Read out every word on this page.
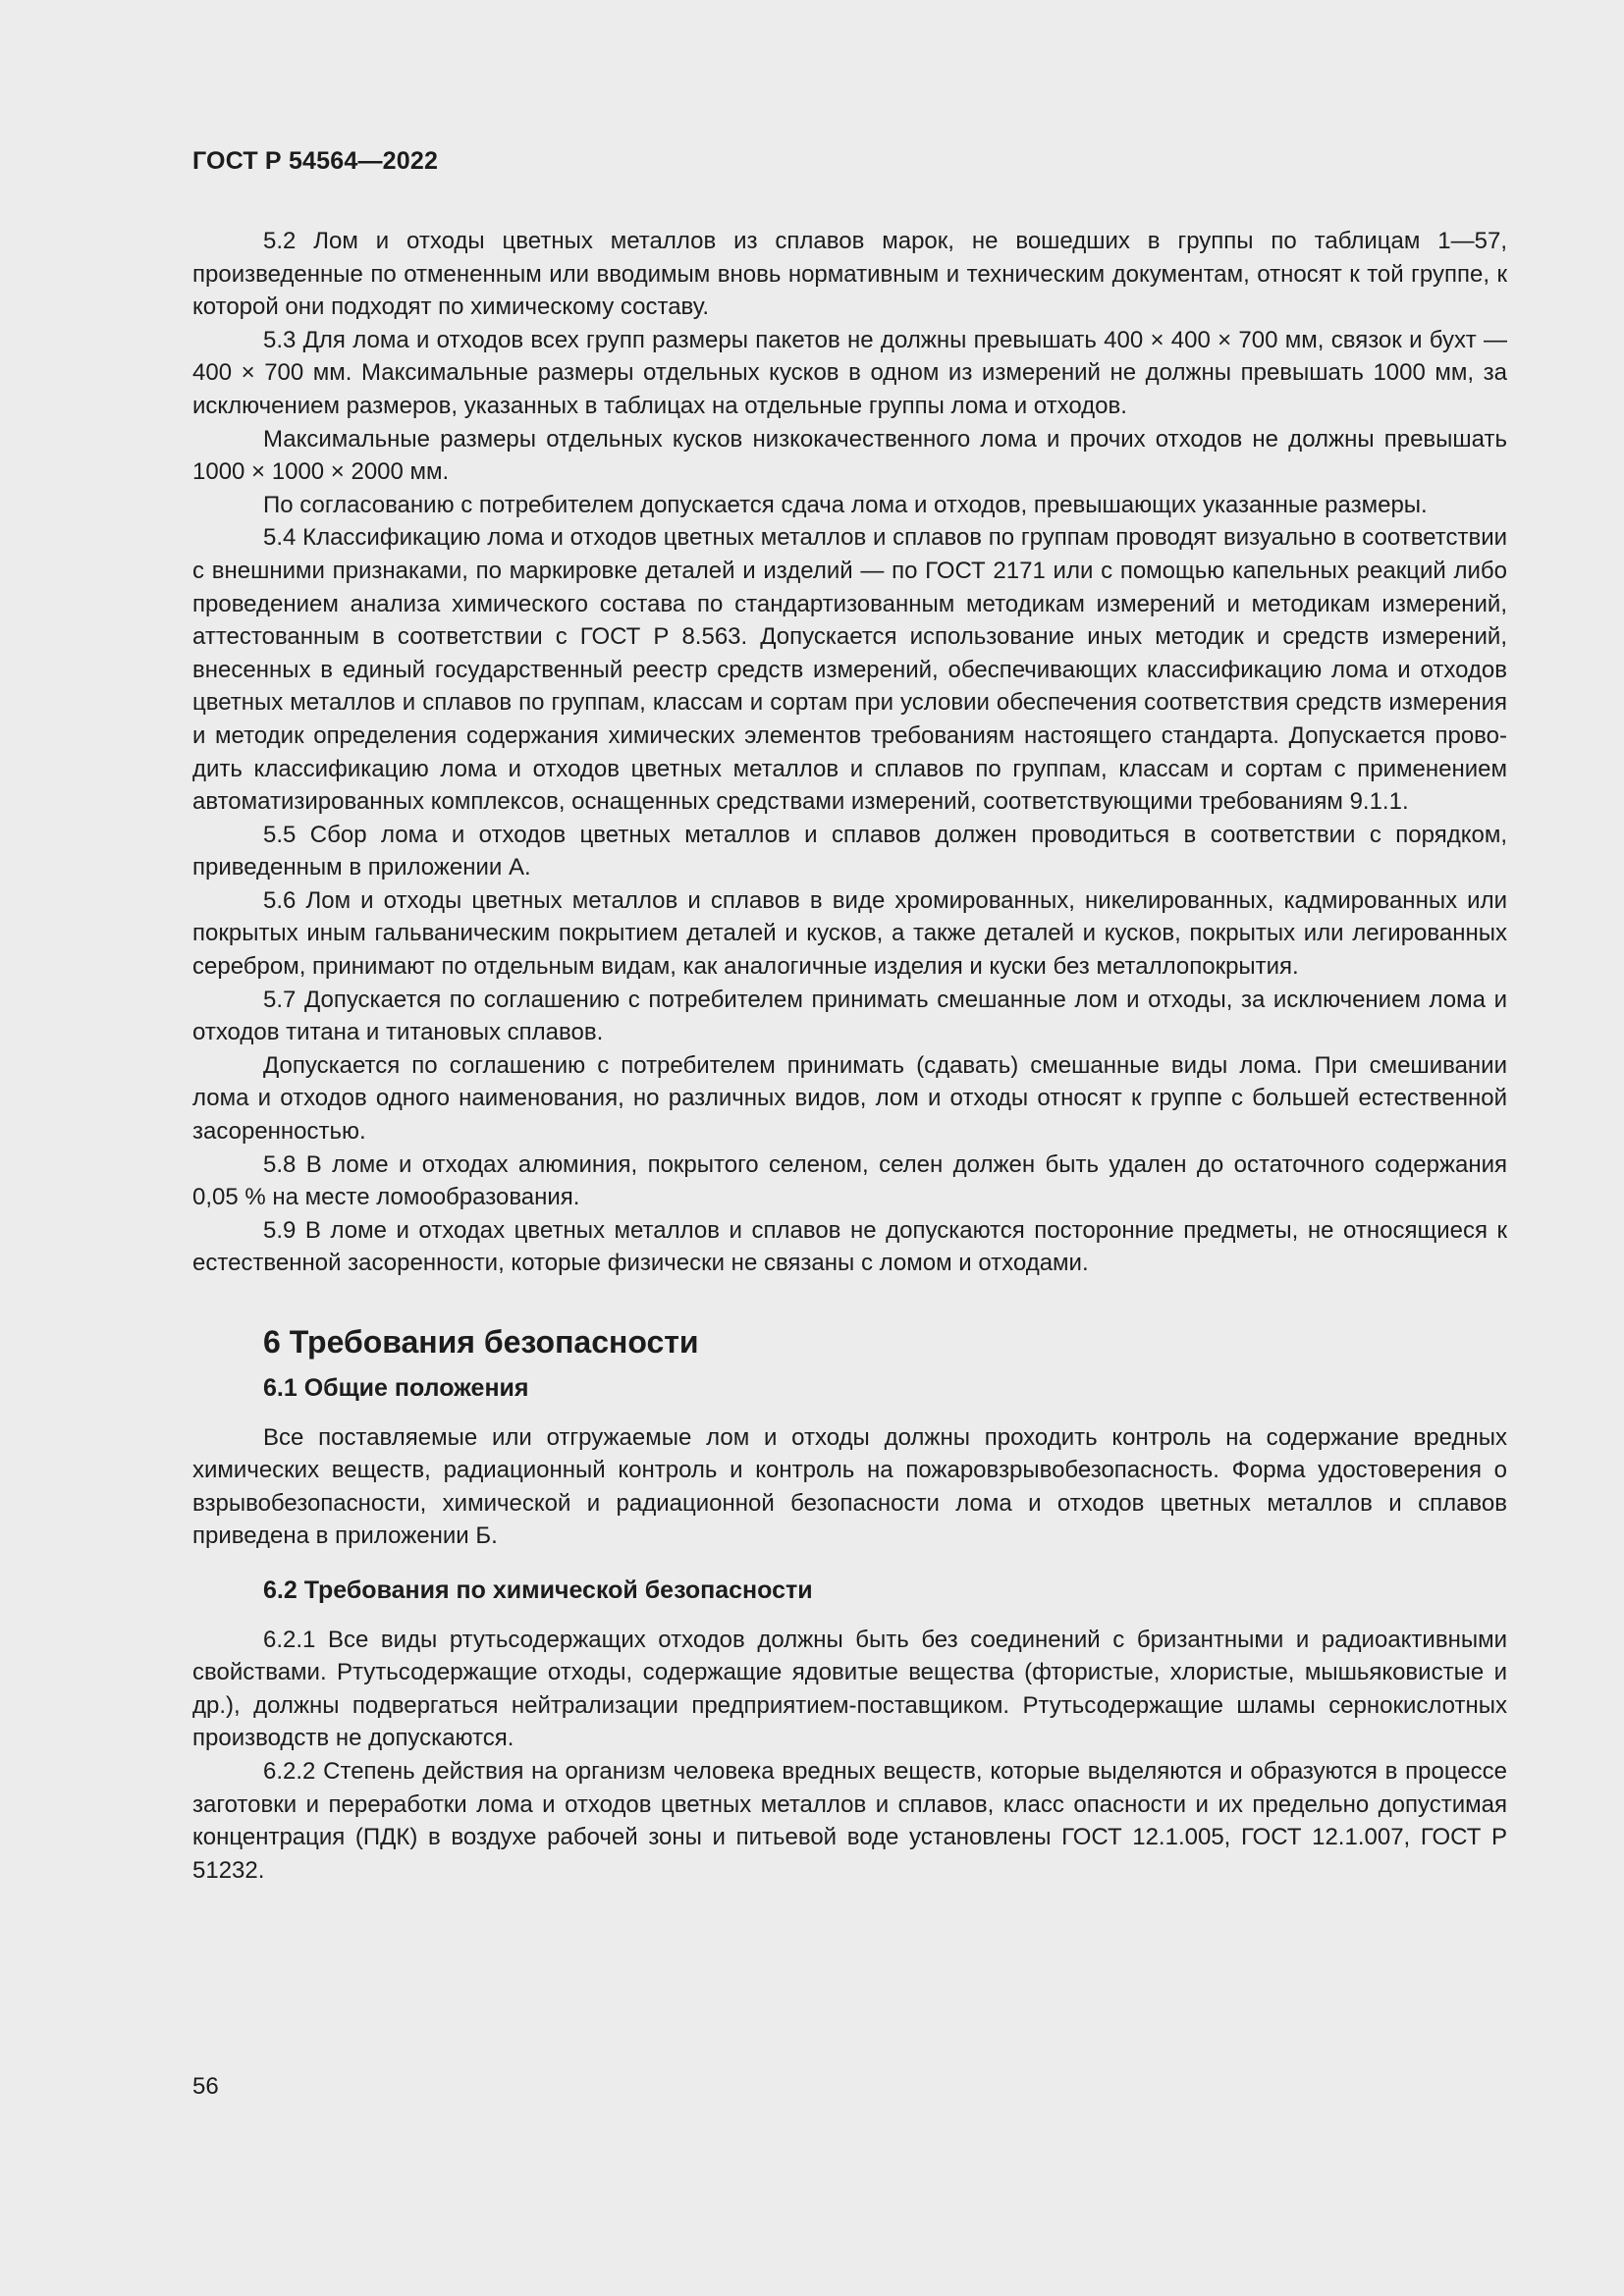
ГОСТ Р 54564—2022

5.2 Лом и отходы цветных металлов из сплавов марок, не вошедших в группы по таблицам 1—57, произведенные по отмененным или вводимым вновь нормативным и техническим документам, относят к той группе, к которой они подходят по химическому составу.

5.3 Для лома и отходов всех групп размеры пакетов не должны превышать 400 × 400 × 700 мм, связок и бухт — 400 × 700 мм. Максимальные размеры отдельных кусков в одном из измерений не должны превышать 1000 мм, за исключением размеров, указанных в таблицах на отдельные группы лома и отходов.

Максимальные размеры отдельных кусков низкокачественного лома и прочих отходов не должны превышать 1000 × 1000 × 2000 мм.

По согласованию с потребителем допускается сдача лома и отходов, превышающих указанные размеры.

5.4 Классификацию лома и отходов цветных металлов и сплавов по группам проводят визуально в соответствии с внешними признаками, по маркировке деталей и изделий — по ГОСТ 2171 или с помощью капельных реакций либо проведением анализа химического состава по стандартизованным методикам измерений и методикам измерений, аттестованным в соответствии с ГОСТ Р 8.563. Допускается использование иных методик и средств измерений, внесенных в единый государственный реестр средств измерений, обеспечивающих классификацию лома и отходов цветных металлов и сплавов по группам, классам и сортам при условии обеспечения соответствия средств измерения и методик определения содержания химических элементов требованиям настоящего стандарта. Допускается проводить классификацию лома и отходов цветных металлов и сплавов по группам, классам и сортам с применением автоматизированных комплексов, оснащенных средствами измерений, соответствующими требованиям 9.1.1.

5.5 Сбор лома и отходов цветных металлов и сплавов должен проводиться в соответствии с порядком, приведенным в приложении А.

5.6 Лом и отходы цветных металлов и сплавов в виде хромированных, никелированных, кадмированных или покрытых иным гальваническим покрытием деталей и кусков, а также деталей и кусков, покрытых или легированных серебром, принимают по отдельным видам, как аналогичные изделия и куски без металлопокрытия.

5.7 Допускается по соглашению с потребителем принимать смешанные лом и отходы, за исключением лома и отходов титана и титановых сплавов.

Допускается по соглашению с потребителем принимать (сдавать) смешанные виды лома. При смешивании лома и отходов одного наименования, но различных видов, лом и отходы относят к группе с большей естественной засоренностью.

5.8 В ломе и отходах алюминия, покрытого селеном, селен должен быть удален до остаточного содержания 0,05 % на месте ломообразования.

5.9 В ломе и отходах цветных металлов и сплавов не допускаются посторонние предметы, не относящиеся к естественной засоренности, которые физически не связаны с ломом и отходами.

6 Требования безопасности
6.1 Общие положения

Все поставляемые или отгружаемые лом и отходы должны проходить контроль на содержание вредных химических веществ, радиационный контроль и контроль на пожаровзрывобезопасность. Форма удостоверения о взрывобезопасности, химической и радиационной безопасности лома и отходов цветных металлов и сплавов приведена в приложении Б.

6.2 Требования по химической безопасности

6.2.1 Все виды ртутьсодержащих отходов должны быть без соединений с бризантными и радиоактивными свойствами. Ртутьсодержащие отходы, содержащие ядовитые вещества (фтористые, хлористые, мышьяковистые и др.), должны подвергаться нейтрализации предприятием-поставщиком. Ртутьсодержащие шламы сернокислотных производств не допускаются.

6.2.2 Степень действия на организм человека вредных веществ, которые выделяются и образуются в процессе заготовки и переработки лома и отходов цветных металлов и сплавов, класс опасности и их предельно допустимая концентрация (ПДК) в воздухе рабочей зоны и питьевой воде установлены ГОСТ 12.1.005, ГОСТ 12.1.007, ГОСТ Р 51232.

56
